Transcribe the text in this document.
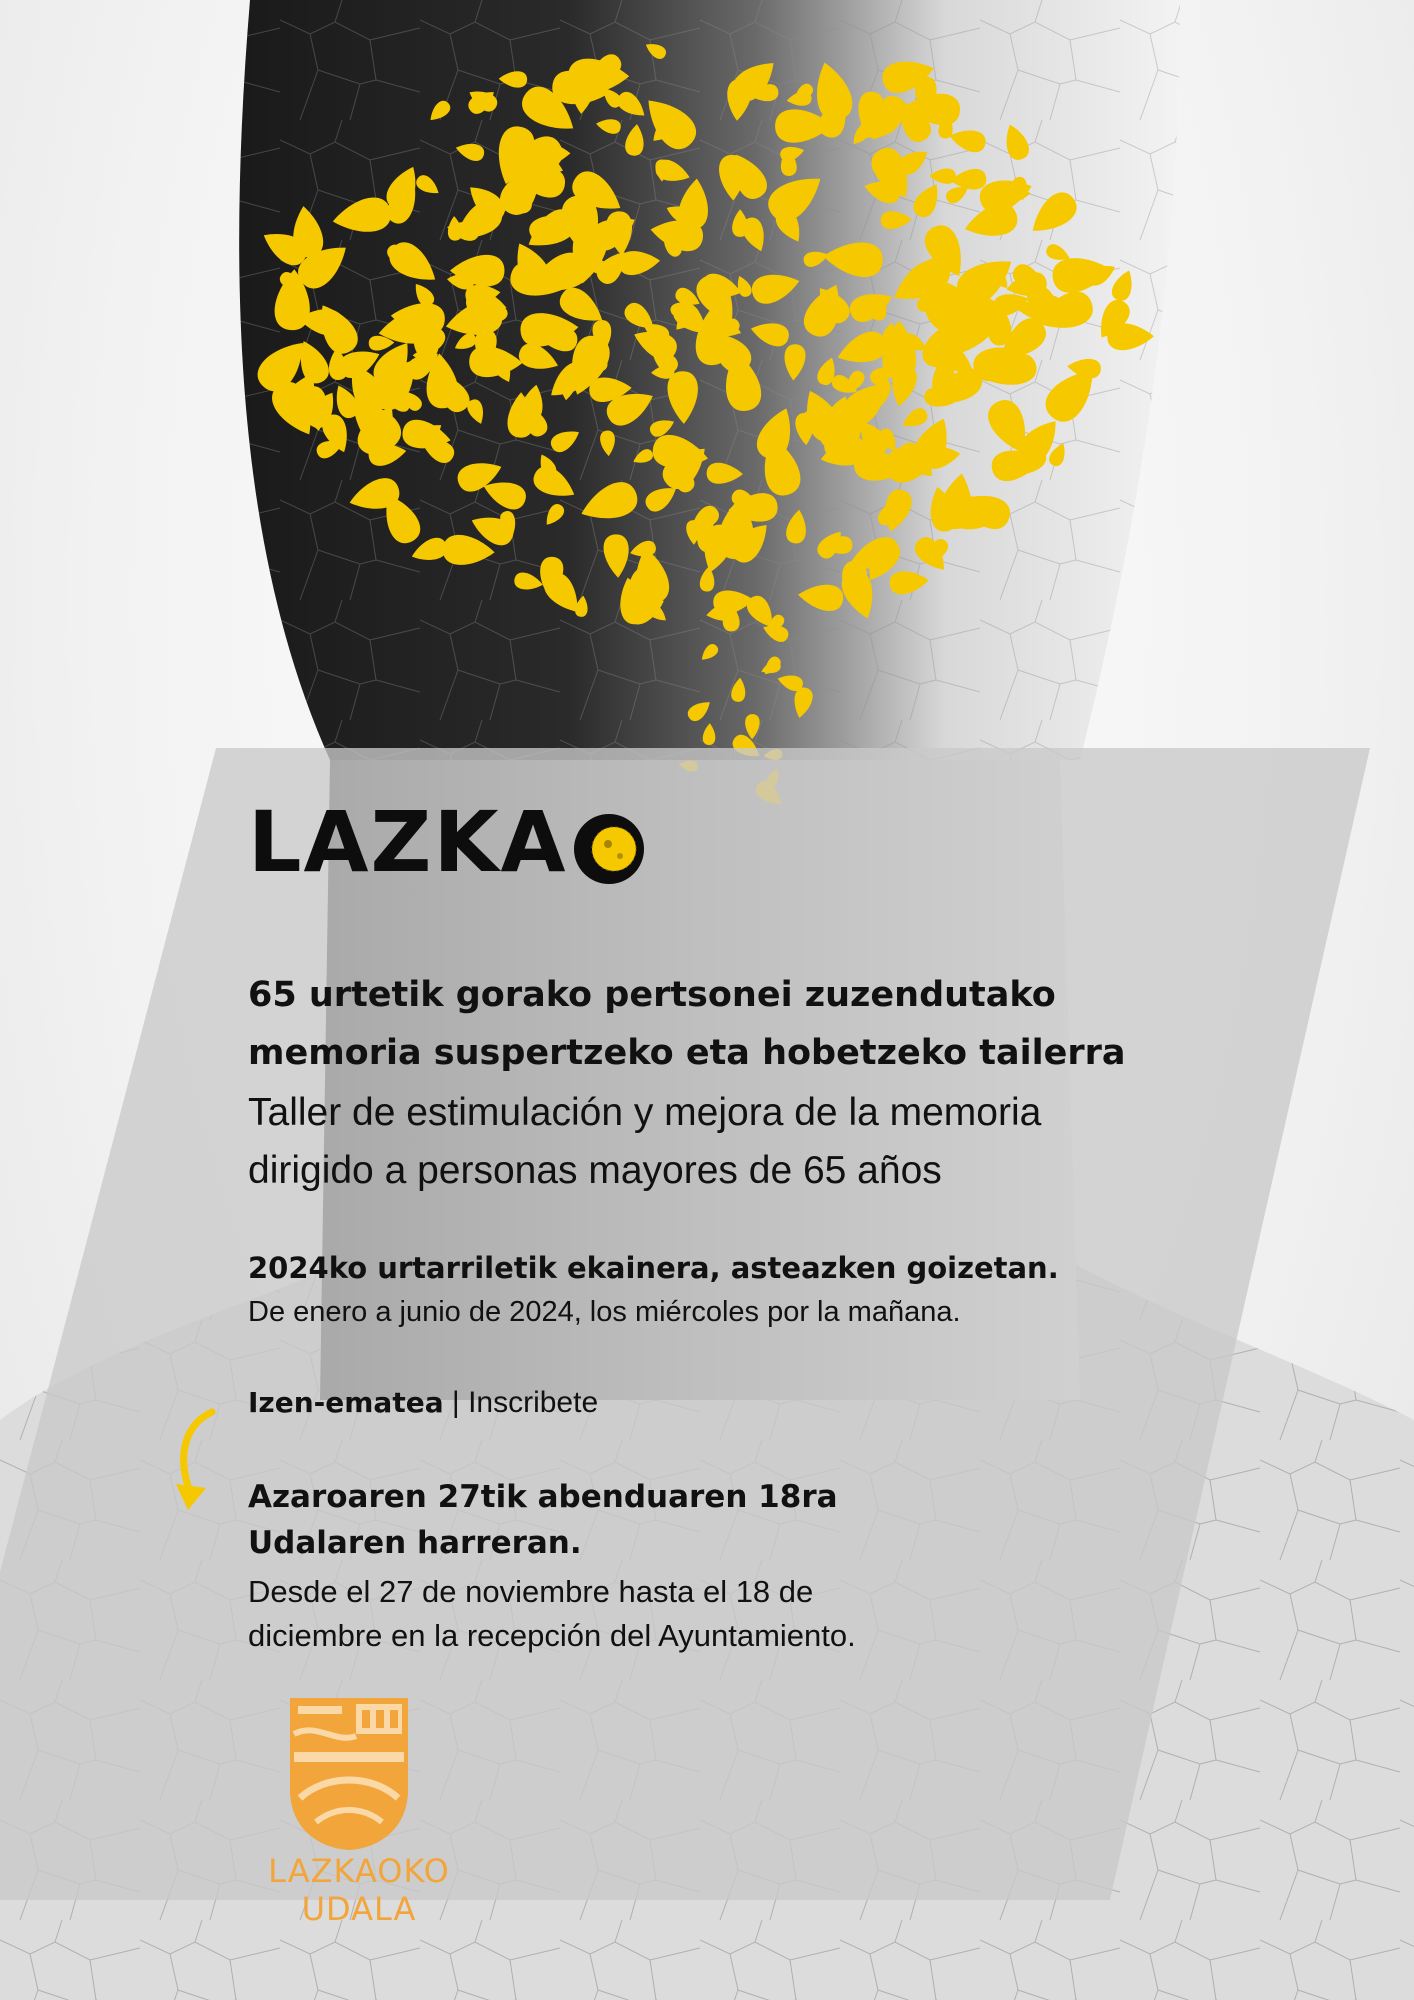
LAZKA

65 urtetik gorako pertsonei zuzendutako
memoria suspertzeko eta hobetzeko tailerra

Taller de estimulación y mejora de la memoria
dirigido a personas mayores de 65 años

2024ko urtarriletik ekainera, asteazken goizetan.

De enero a junio de 2024, los miércoles por la mañana.

Izen-ematea | Inscribete

Azaroaren 27tik abenduaren 18ra
Udalaren harreran.

Desde el 27 de noviembre hasta el 18 de
diciembre en la recepción del Ayuntamiento.

LAZKAOKO
UDALA
